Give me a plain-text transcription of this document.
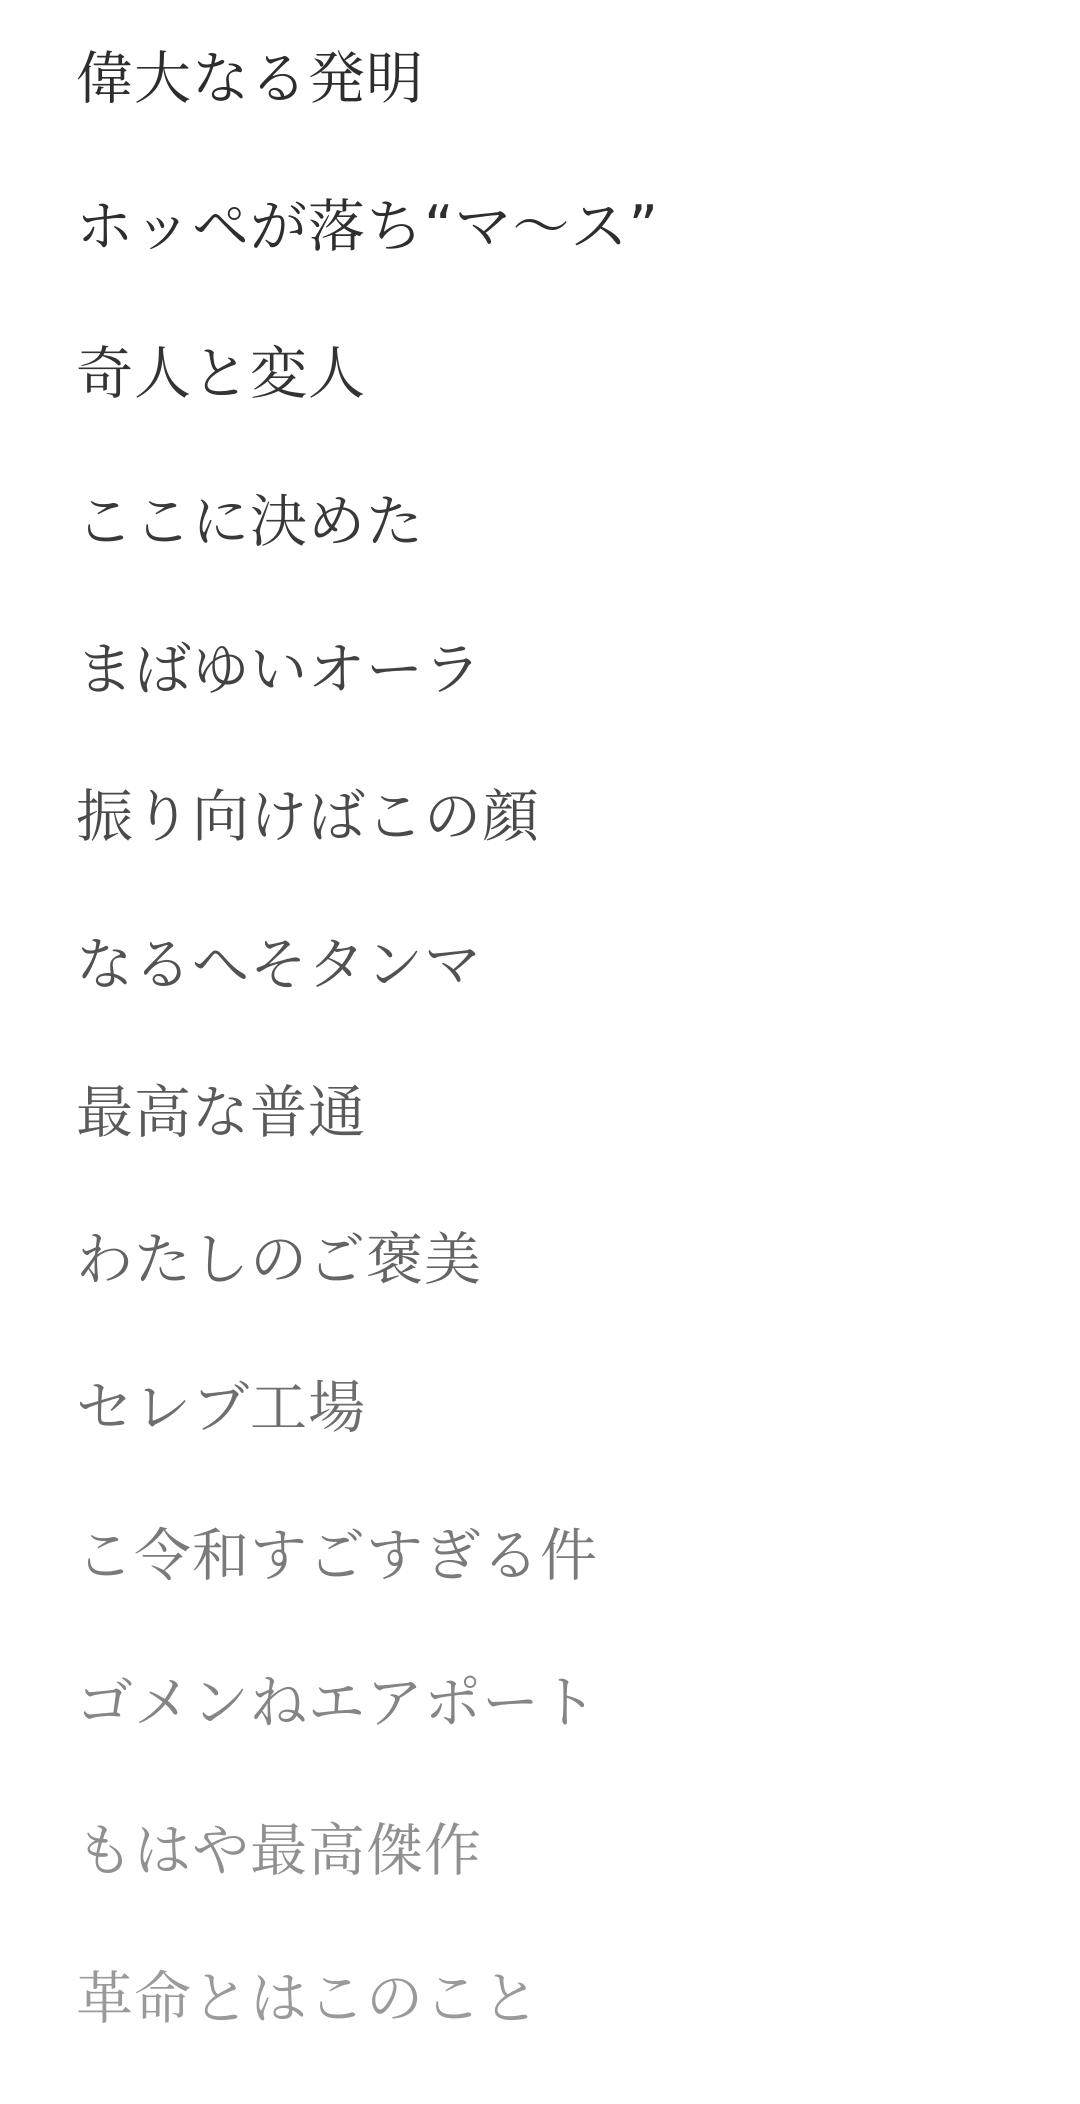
偉大なる発明
ホッペが落ち“マ〜ス”
奇人と変人
ここに決めた
まばゆいオーラ
振り向けばこの顔
なるへそタンマ
最高な普通
わたしのご褒美
セレブ工場
こ令和すごすぎる件
ゴメンねエアポート
もはや最高傑作
革命とはこのこと
